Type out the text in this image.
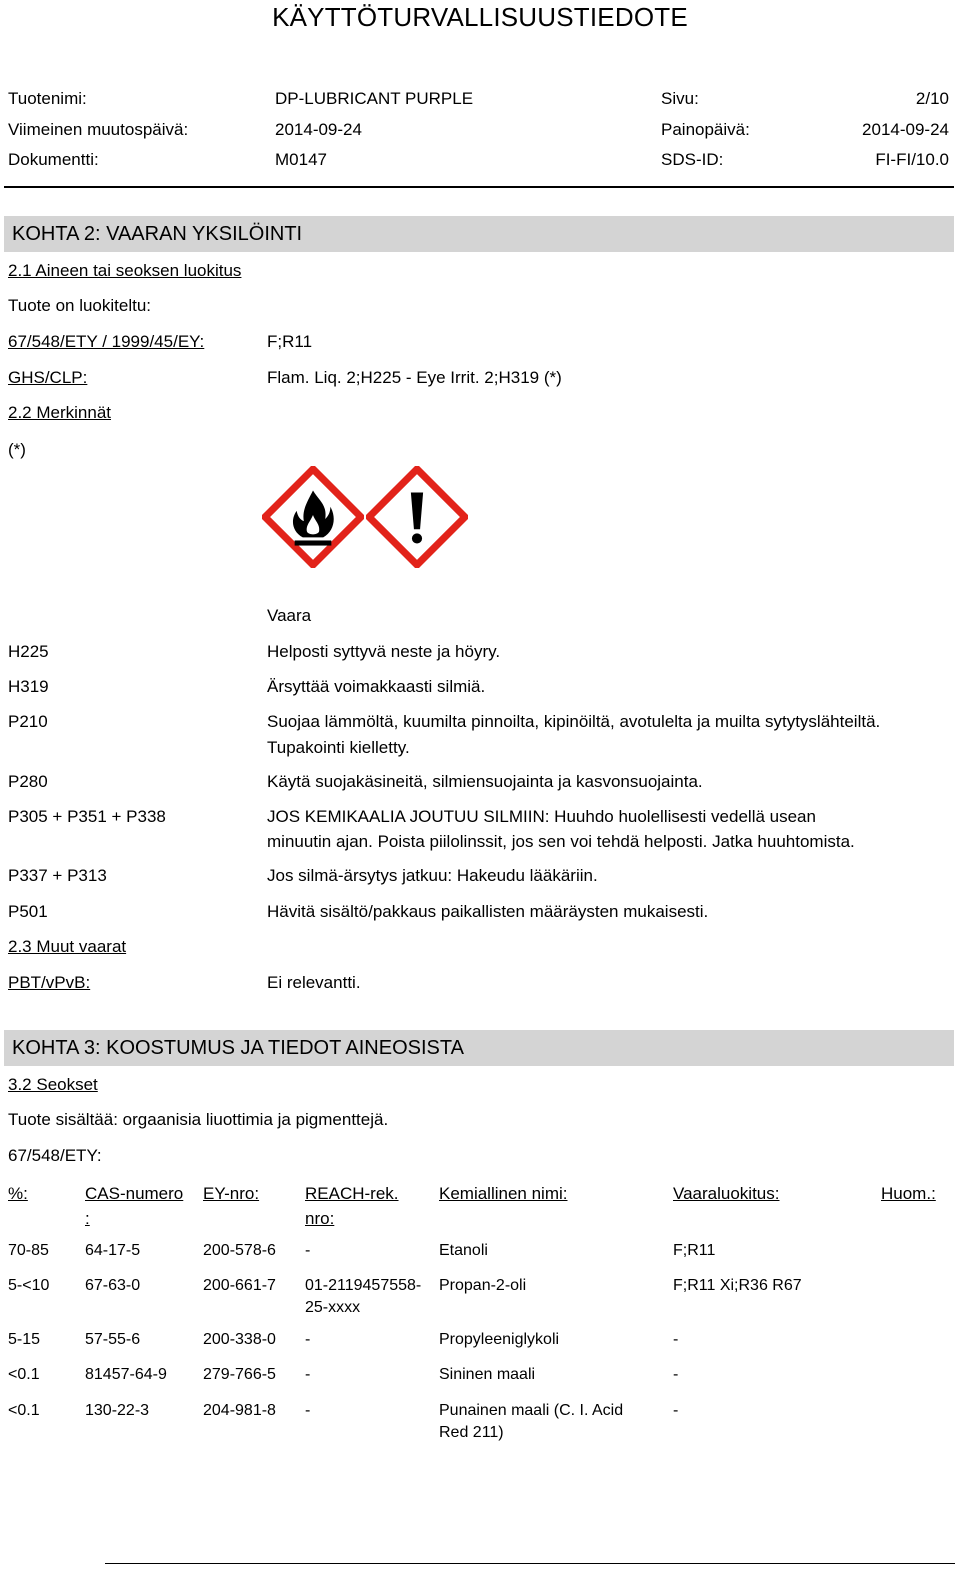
KÄYTTÖTURVALLISUUSTIEDOTE
Tuotenimi:	DP-LUBRICANT PURPLE	Sivu:	2/10
Viimeinen muutospäivä:	2014-09-24	Painopäivä:	2014-09-24
Dokumentti:	M0147	SDS-ID:	FI-FI/10.0
KOHTA 2: VAARAN YKSILÖINTI
2.1 Aineen tai seoksen luokitus
Tuote on luokiteltu:
67/548/ETY / 1999/45/EY:	F;R11
GHS/CLP:	Flam. Liq. 2;H225 - Eye Irrit. 2;H319 (*)
2.2 Merkinnät
(*)
Vaara
H225	Helposti syttyvä neste ja höyry.
H319	Ärsyttää voimakkaasti silmiä.
P210	Suojaa lämmöltä, kuumilta pinnoilta, kipinöiltä, avotulelta ja muilta sytytyslähteiltä.
Tupakointi kielletty.
P280	Käytä suojakäsineitä, silmiensuojainta ja kasvonsuojainta.
P305 + P351 + P338	JOS KEMIKAALIA JOUTUU SILMIIN: Huuhdo huolellisesti vedellä usean
minuutin ajan. Poista piilolinssit, jos sen voi tehdä helposti. Jatka huuhtomista.
P337 + P313	Jos silmä-ärsytys jatkuu: Hakeudu lääkäriin.
P501	Hävitä sisältö/pakkaus paikallisten määräysten mukaisesti.
2.3 Muut vaarat
PBT/vPvB:	Ei relevantti.
KOHTA 3: KOOSTUMUS JA TIEDOT AINEOSISTA
3.2 Seokset
Tuote sisältää: orgaanisia liuottimia ja pigmenttejä.
67/548/ETY:
%:	CAS-numero
:
EY-nro:	REACH-rek.
nro:
Kemiallinen nimi:	Vaaraluokitus:	Huom.:
70-85 64-17-5	200-578-6 -	Etanoli	F;R11
5-<10 67-63-0	200-661-7 01-2119457558-
25-xxxx
Propan-2-oli	F;R11 Xi;R36 R67
5-15	57-55-6	200-338-0 -	Propyleeniglykoli	-
<0.1	81457-64-9 279-766-5 -	Sininen maali	-
<0.1	130-22-3	204-981-8 -	Punainen maali (C. I. Acid
Red 211)
-
